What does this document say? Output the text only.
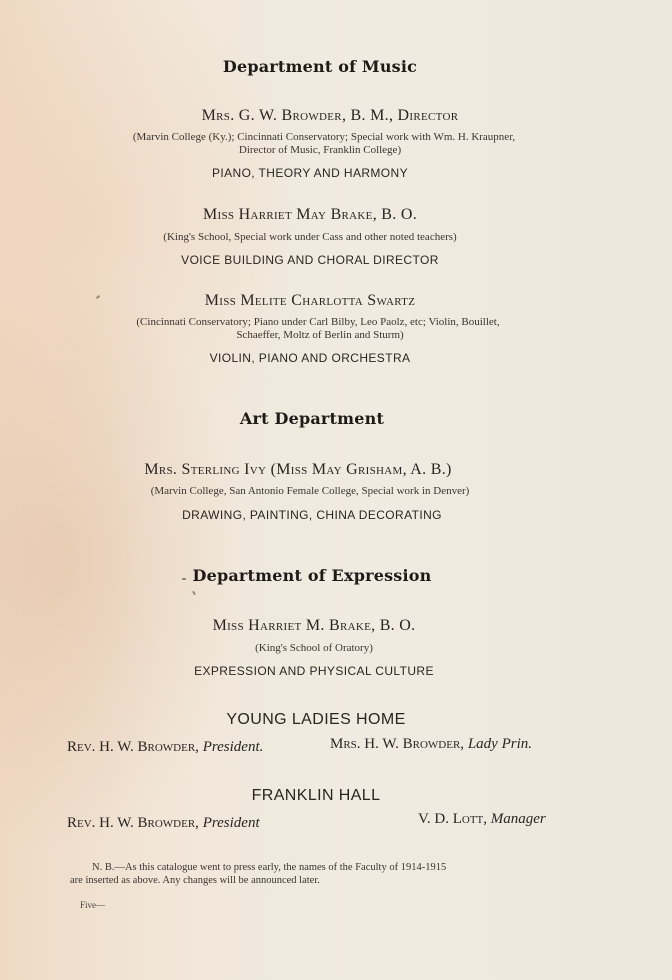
Department of Music
Mrs. G. W. Browder, B. M., Director
(Marvin College (Ky.); Cincinnati Conservatory; Special work with Wm. H. Kraupner,
Director of Music, Franklin College)
PIANO, THEORY AND HARMONY
Miss Harriet May Brake, B. O.
(King's School, Special work under Cass and other noted teachers)
VOICE BUILDING AND CHORAL DIRECTOR
Miss Melite Charlotta Swartz
(Cincinnati Conservatory; Piano under Carl Bilby, Leo Paolz, etc; Violin, Bouillet,
Schaeffer, Moltz of Berlin and Sturm)
VIOLIN, PIANO AND ORCHESTRA
Art Department
Mrs. Sterling Ivy (Miss May Grisham, A. B.)
(Marvin College, San Antonio Female College, Special work in Denver)
DRAWING, PAINTING, CHINA DECORATING
Department of Expression
Miss Harriet M. Brake, B. O.
(King's School of Oratory)
EXPRESSION AND PHYSICAL CULTURE
YOUNG LADIES HOME
Rev. H. W. Browder, President.	Mrs. H. W. Browder, Lady Prin.
FRANKLIN HALL
Rev. H. W. Browder, President	V. D. Lott, Manager
N. B.—As this catalogue went to press early, the names of the Faculty of 1914-1915
are inserted as above. Any changes will be announced later.
Five—
